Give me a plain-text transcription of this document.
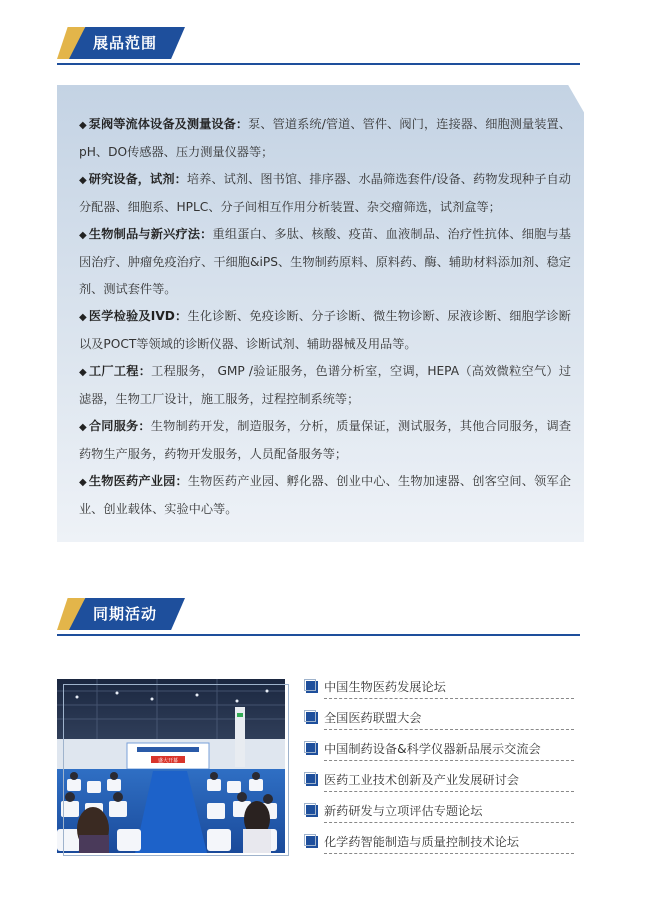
展品范围
◆ 泵阀等流体设备及测量设备：泵、管道系统/管道、管件、阀门，连接器、细胞测量装置、pH、DO传感器、压力测量仪器等；
◆ 研究设备，试剂：培养、试剂、图书馆、排序器、水晶筛选套件/设备、药物发现种子自动分配器、细胞系、HPLC、分子间相互作用分析装置、杂交瘤筛选，试剂盒等；
◆ 生物制品与新兴疗法：重组蛋白、多肽、核酸、疫苗、血液制品、治疗性抗体、细胞与基因治疗、肿瘤免疫治疗、干细胞&iPS、生物制药原料、原料药、酶、辅助材料添加剂、稳定剂、测试套件等。
◆ 医学检验及IVD：生化诊断、免疫诊断、分子诊断、微生物诊断、尿液诊断、细胞学诊断以及POCT等领域的诊断仪器、诊断试剂、辅助器械及用品等。
◆ 工厂工程：工程服务， GMP /验证服务，色谱分析室，空调，HEPA（高效微粒空气）过滤器，生物工厂设计，施工服务，过程控制系统等；
◆ 合同服务：生物制药开发，制造服务，分析，质量保证，测试服务，其他合同服务，调查药物生产服务，药物开发服务，人员配备服务等；
◆ 生物医药产业园：生物医药产业园、孵化器、创业中心、生物加速器、创客空间、领军企业、创业载体、实验中心等。
同期活动
盛大开幕
中国生物医药发展论坛
全国医药联盟大会
中国制药设备&科学仪器新品展示交流会
医药工业技术创新及产业发展研讨会
新药研发与立项评估专题论坛
化学药智能制造与质量控制技术论坛
